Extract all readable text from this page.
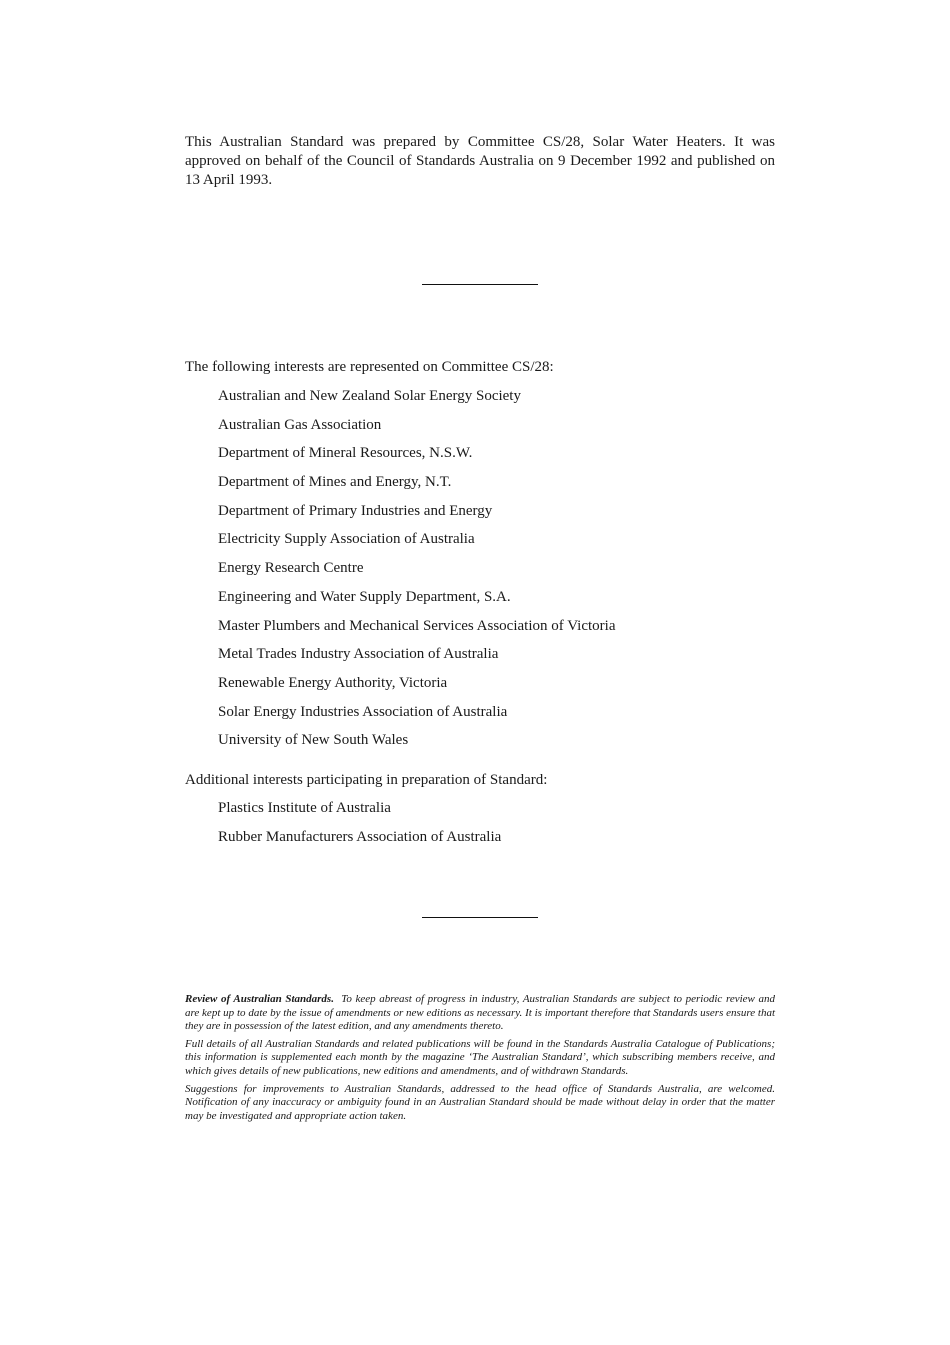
This Australian Standard was prepared by Committee CS/28, Solar Water Heaters. It was approved on behalf of the Council of Standards Australia on 9 December 1992 and published on 13 April 1993.

The following interests are represented on Committee CS/28:

Australian and New Zealand Solar Energy Society
Australian Gas Association
Department of Mineral Resources, N.S.W.
Department of Mines and Energy, N.T.
Department of Primary Industries and Energy
Electricity Supply Association of Australia
Energy Research Centre
Engineering and Water Supply Department, S.A.
Master Plumbers and Mechanical Services Association of Victoria
Metal Trades Industry Association of Australia
Renewable Energy Authority, Victoria
Solar Energy Industries Association of Australia
University of New South Wales

Additional interests participating in preparation of Standard:

Plastics Institute of Australia
Rubber Manufacturers Association of Australia

Review of Australian Standards. To keep abreast of progress in industry, Australian Standards are subject to periodic review and are kept up to date by the issue of amendments or new editions as necessary. It is important therefore that Standards users ensure that they are in possession of the latest edition, and any amendments thereto.

Full details of all Australian Standards and related publications will be found in the Standards Australia Catalogue of Publications; this information is supplemented each month by the magazine ‘The Australian Standard’, which subscribing members receive, and which gives details of new publications, new editions and amendments, and of withdrawn Standards.

Suggestions for improvements to Australian Standards, addressed to the head office of Standards Australia, are welcomed. Notification of any inaccuracy or ambiguity found in an Australian Standard should be made without delay in order that the matter may be investigated and appropriate action taken.
